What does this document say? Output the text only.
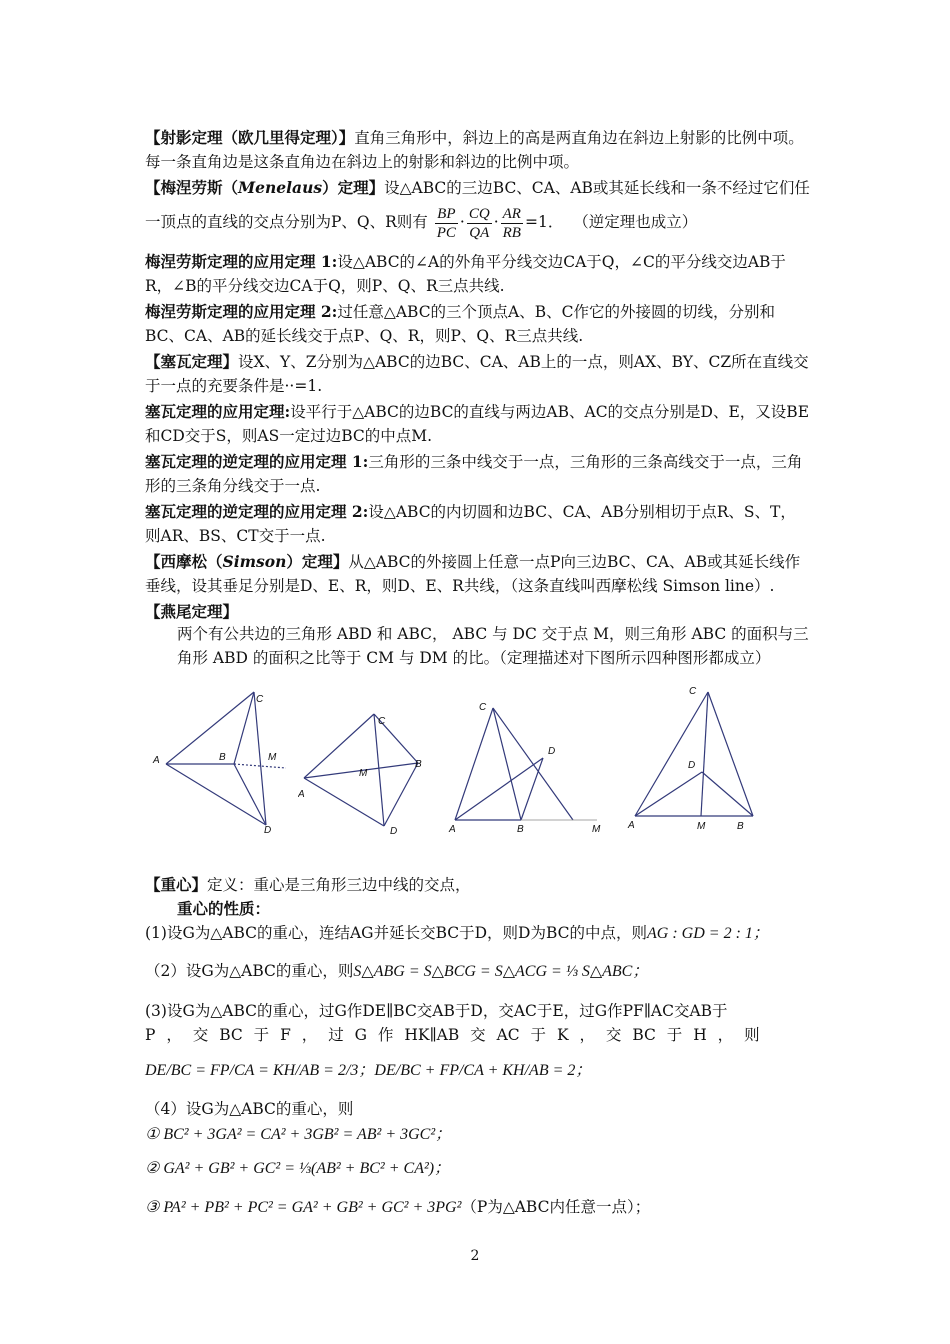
【射影定理（欧几里得定理）】直角三角形中，斜边上的高是两直角边在斜边上射影的比例中项。每一条直角边是这条直角边在斜边上的射影和斜边的比例中项。

【梅涅劳斯（Menelaus）定理】设△ABC的三边BC、CA、AB或其延长线和一条不经过它们任

一顶点的直线的交点分别为P、Q、R则有 $\frac{BP}{PC} \cdot \frac{CQ}{QA} \cdot \frac{AR}{RB} =1$． （逆定理也成立）

梅涅劳斯定理的应用定理 1:设△ABC的∠A的外角平分线交边CA于Q，∠C的平分线交边AB于R，∠B的平分线交边CA于Q，则P、Q、R三点共线.

梅涅劳斯定理的应用定理 2:过任意△ABC的三个顶点A、B、C作它的外接圆的切线，分别和BC、CA、AB的延长线交于点P、Q、R，则P、Q、R三点共线.

【塞瓦定理】设X、Y、Z分别为△ABC的边BC、CA、AB上的一点，则AX、BY、CZ所在直线交于一点的充要条件是··=1.

塞瓦定理的应用定理:设平行于△ABC的边BC的直线与两边AB、AC的交点分别是D、E，又设BE和CD交于S，则AS一定过边BC的中点M.

塞瓦定理的逆定理的应用定理 1:三角形的三条中线交于一点，三角形的三条高线交于一点，三角形的三条角分线交于一点.

塞瓦定理的逆定理的应用定理 2:设△ABC的内切圆和边BC、CA、AB分别相切于点R、S、T，则AR、BS、CT交于一点.

【西摩松（Simson）定理】从△ABC的外接圆上任意一点P向三边BC、CA、AB或其延长线作垂线，设其垂足分别是D、E、R，则D、E、R共线，（这条直线叫西摩松线 Simson line）.

【燕尾定理】

两个有公共边的三角形 ABD 和 ABC， ABC 与 DC 交于点 M，则三角形 ABC 的面积与三角形 ABD 的面积之比等于 CM 与 DM 的比。（定理描述对下图所示四种图形都成立）

A
C
B	M
D
A
C
B
M
D	A
C
D
B	M
C
D
A	M	B

【重心】定义：重心是三角形三边中线的交点，

重心的性质：

(1)设G为△ABC的重心，连结AG并延长交BC于D，则D为BC的中点，则AG : GD = 2 : 1；

（2）设G为△ABC的重心，则S△ABG = S△BCG = S△ACG = ⅓ S△ABC；

(3)设G为△ABC的重心，过G作DE∥BC交AB于D，交AC于E，过G作PF∥AC交AB于

P ， 交 BC 于 F ， 过 G 作 HK∥AB 交 AC 于 K ， 交 BC 于 H ， 则

DE/BC = FP/CA = KH/AB = 2/3；DE/BC + FP/CA + KH/AB = 2；

（4）设G为△ABC的重心，则

① BC² + 3GA² = CA² + 3GB² = AB² + 3GC²；

② GA² + GB² + GC² = ⅓(AB² + BC² + CA²)；

③ PA² + PB² + PC² = GA² + GB² + GC² + 3PG²（P为△ABC内任意一点）；

2
